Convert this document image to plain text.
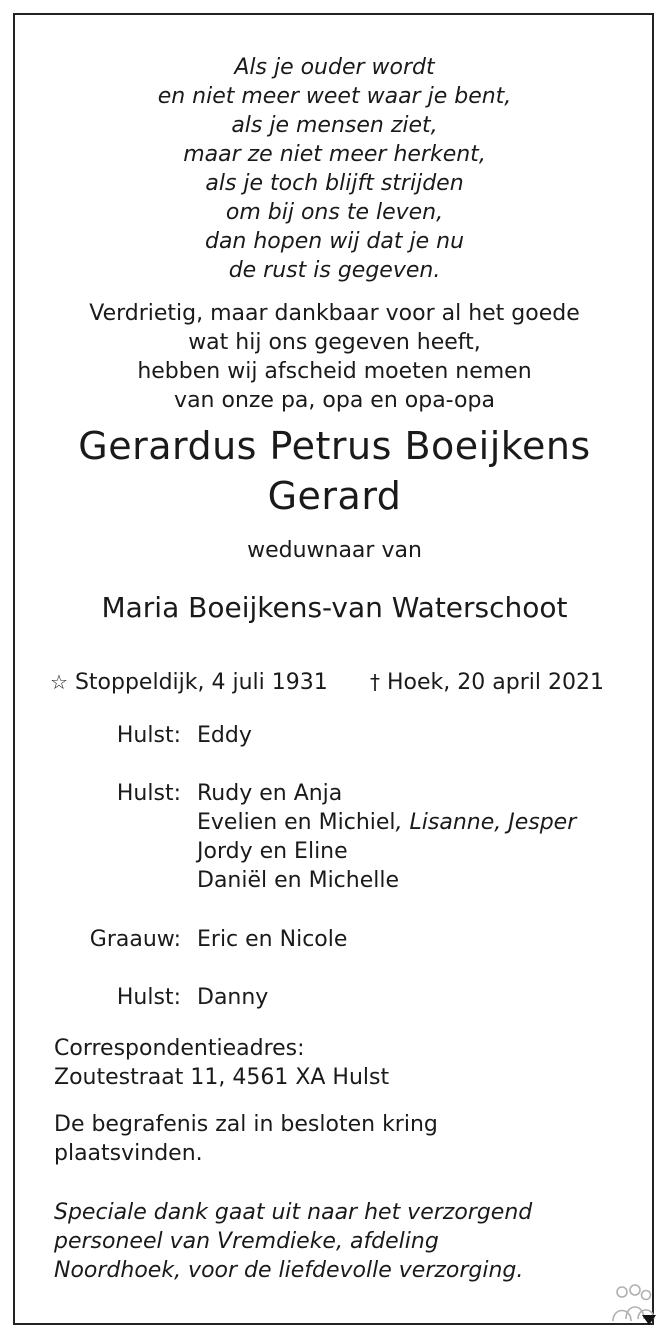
Als je ouder wordt
en niet meer weet waar je bent,
als je mensen ziet,
maar ze niet meer herkent,
als je toch blijft strijden
om bij ons te leven,
dan hopen wij dat je nu
de rust is gegeven.
Verdrietig, maar dankbaar voor al het goede
wat hij ons gegeven heeft,
hebben wij afscheid moeten nemen
van onze pa, opa en opa-opa
Gerardus Petrus Boeijkens
Gerard
weduwnaar van
Maria Boeijkens-van Waterschoot
☆ Stoppeldijk, 4 juli 1931 † Hoek, 20 april 2021
Hulst: Eddy
Hulst: Rudy en Anja
Evelien en Michiel, Lisanne, Jesper
Jordy en Eline
Daniël en Michelle
Graauw: Eric en Nicole
Hulst: Danny
Correspondentieadres:
Zoutestraat 11, 4561 XA Hulst
De begrafenis zal in besloten kring
plaatsvinden.
Speciale dank gaat uit naar het verzorgend
personeel van Vremdieke, afdeling
Noordhoek, voor de liefdevolle verzorging.
